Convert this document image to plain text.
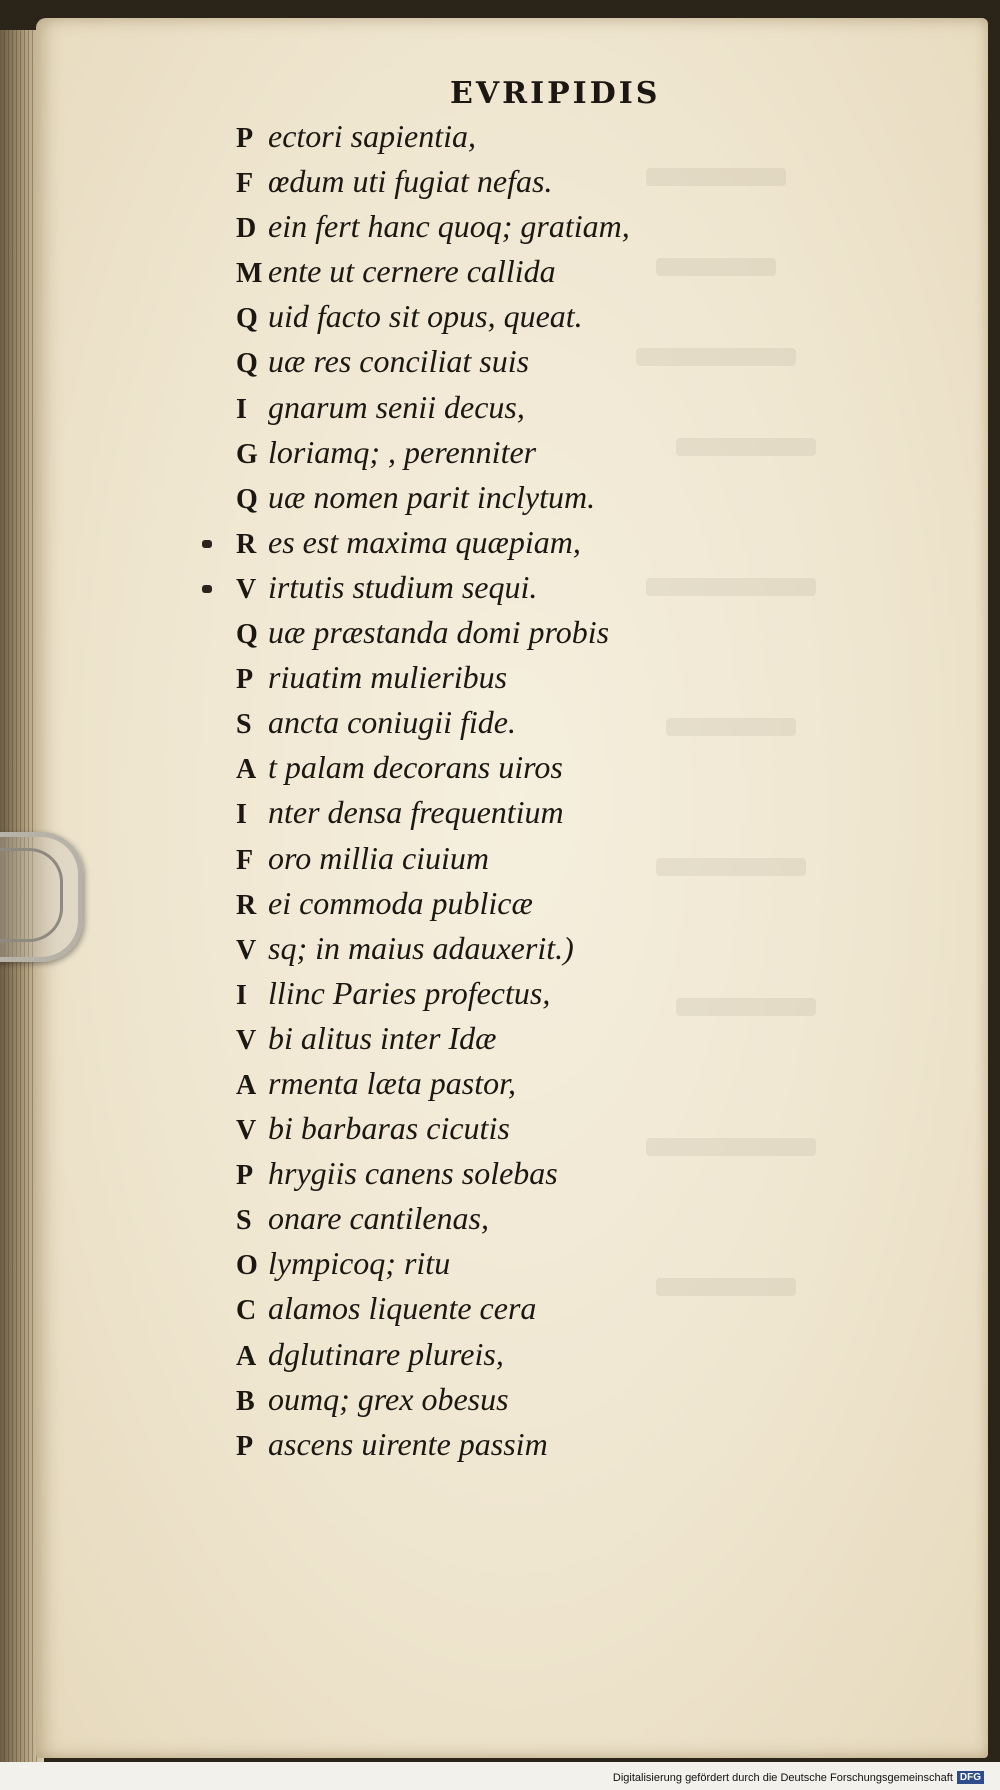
EVRIPIDIS
P ectori sapientia,
F œdum uti fugiat nefas.
D ein fert hanc quoq; gratiam,
M ente ut cernere callida
Q uid facto sit opus, queat.
Q uæ res conciliat suis
I gnarum senii decus,
G loriamq; , perenniter
Q uæ nomen parit inclytum.
R es est maxima quæpiam,
V irtutis studium sequi.
Q uæ præstanda domi probis
P riuatim mulieribus
S ancta coniugii fide.
A t palam decorans uiros
I nter densa frequentium
F oro millia ciuium
R ei commoda publicæ
V sq; in maius adauxerit.)
I llinc Paries profectus,
V bi alitus inter Idæ
A rmenta læta pastor,
V bi barbaras cicutis
P hrygiis canens solebas
S onare cantilenas,
O lympicoq; ritu
C alamos liquente cera
A dglutinare plureis,
B oumq; grex obesus
P ascens uirente passim
Digitalisierung gefördert durch die Deutsche Forschungsgemeinschaft DFG
